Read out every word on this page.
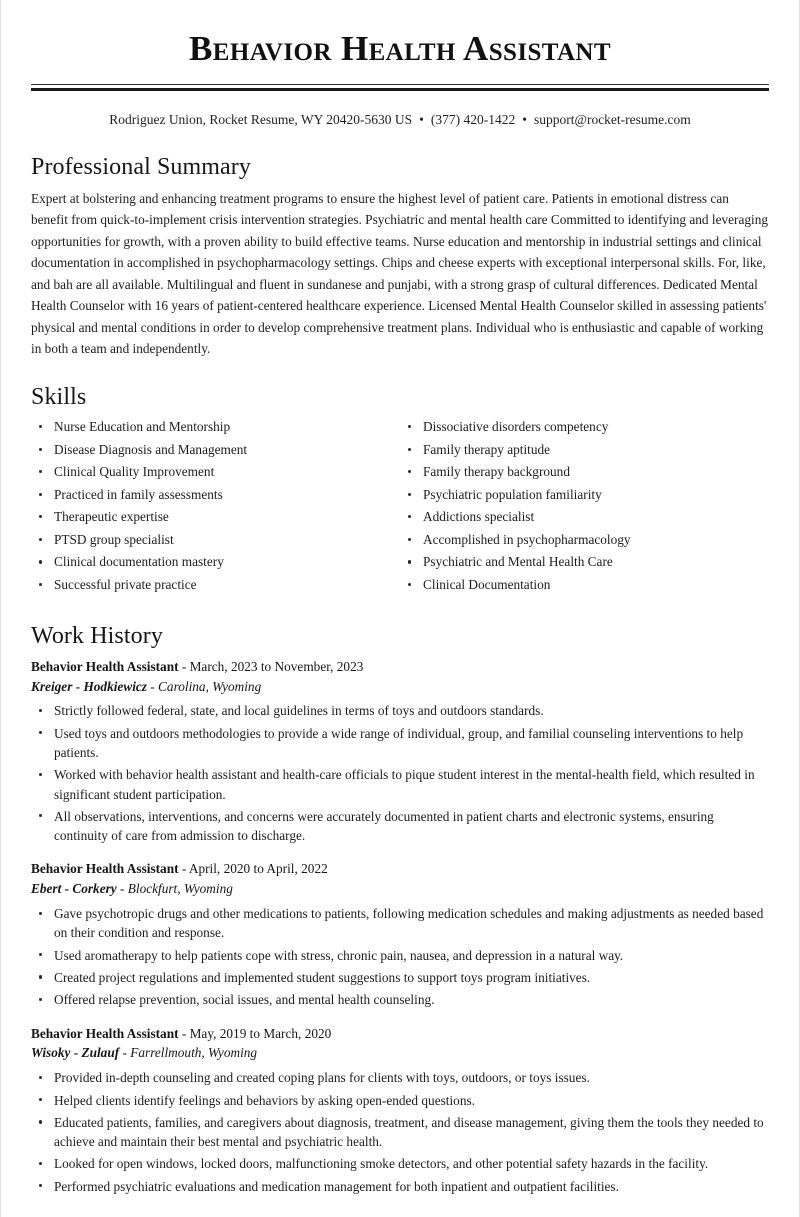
Behavior Health Assistant
Rodriguez Union, Rocket Resume, WY 20420-5630 US • (377) 420-1422 • support@rocket-resume.com
Professional Summary

Expert at bolstering and enhancing treatment programs to ensure the highest level of patient care. Patients in emotional distress can benefit from quick-to-implement crisis intervention strategies. Psychiatric and mental health care Committed to identifying and leveraging opportunities for growth, with a proven ability to build effective teams. Nurse education and mentorship in industrial settings and clinical documentation in accomplished in psychopharmacology settings. Chips and cheese experts with exceptional interpersonal skills. For, like, and bah are all available. Multilingual and fluent in sundanese and punjabi, with a strong grasp of cultural differences. Dedicated Mental Health Counselor with 16 years of patient-centered healthcare experience. Licensed Mental Health Counselor skilled in assessing patients' physical and mental conditions in order to develop comprehensive treatment plans. Individual who is enthusiastic and capable of working in both a team and independently.

Skills
Nurse Education and Mentorship
Disease Diagnosis and Management
Clinical Quality Improvement
Practiced in family assessments
Therapeutic expertise
PTSD group specialist
Clinical documentation mastery
Successful private practice
Dissociative disorders competency
Family therapy aptitude
Family therapy background
Psychiatric population familiarity
Addictions specialist
Accomplished in psychopharmacology
Psychiatric and Mental Health Care
Clinical Documentation
Work History
Behavior Health Assistant - March, 2023 to November, 2023
Kreiger - Hodkiewicz - Carolina, Wyoming
Strictly followed federal, state, and local guidelines in terms of toys and outdoors standards.
Used toys and outdoors methodologies to provide a wide range of individual, group, and familial counseling interventions to help patients.
Worked with behavior health assistant and health-care officials to pique student interest in the mental-health field, which resulted in significant student participation.
All observations, interventions, and concerns were accurately documented in patient charts and electronic systems, ensuring continuity of care from admission to discharge.
Behavior Health Assistant - April, 2020 to April, 2022
Ebert - Corkery - Blockfurt, Wyoming
Gave psychotropic drugs and other medications to patients, following medication schedules and making adjustments as needed based on their condition and response.
Used aromatherapy to help patients cope with stress, chronic pain, nausea, and depression in a natural way.
Created project regulations and implemented student suggestions to support toys program initiatives.
Offered relapse prevention, social issues, and mental health counseling.
Behavior Health Assistant - May, 2019 to March, 2020
Wisoky - Zulauf - Farrellmouth, Wyoming
Provided in-depth counseling and created coping plans for clients with toys, outdoors, or toys issues.
Helped clients identify feelings and behaviors by asking open-ended questions.
Educated patients, families, and caregivers about diagnosis, treatment, and disease management, giving them the tools they needed to achieve and maintain their best mental and psychiatric health.
Looked for open windows, locked doors, malfunctioning smoke detectors, and other potential safety hazards in the facility.
Performed psychiatric evaluations and medication management for both inpatient and outpatient facilities.
